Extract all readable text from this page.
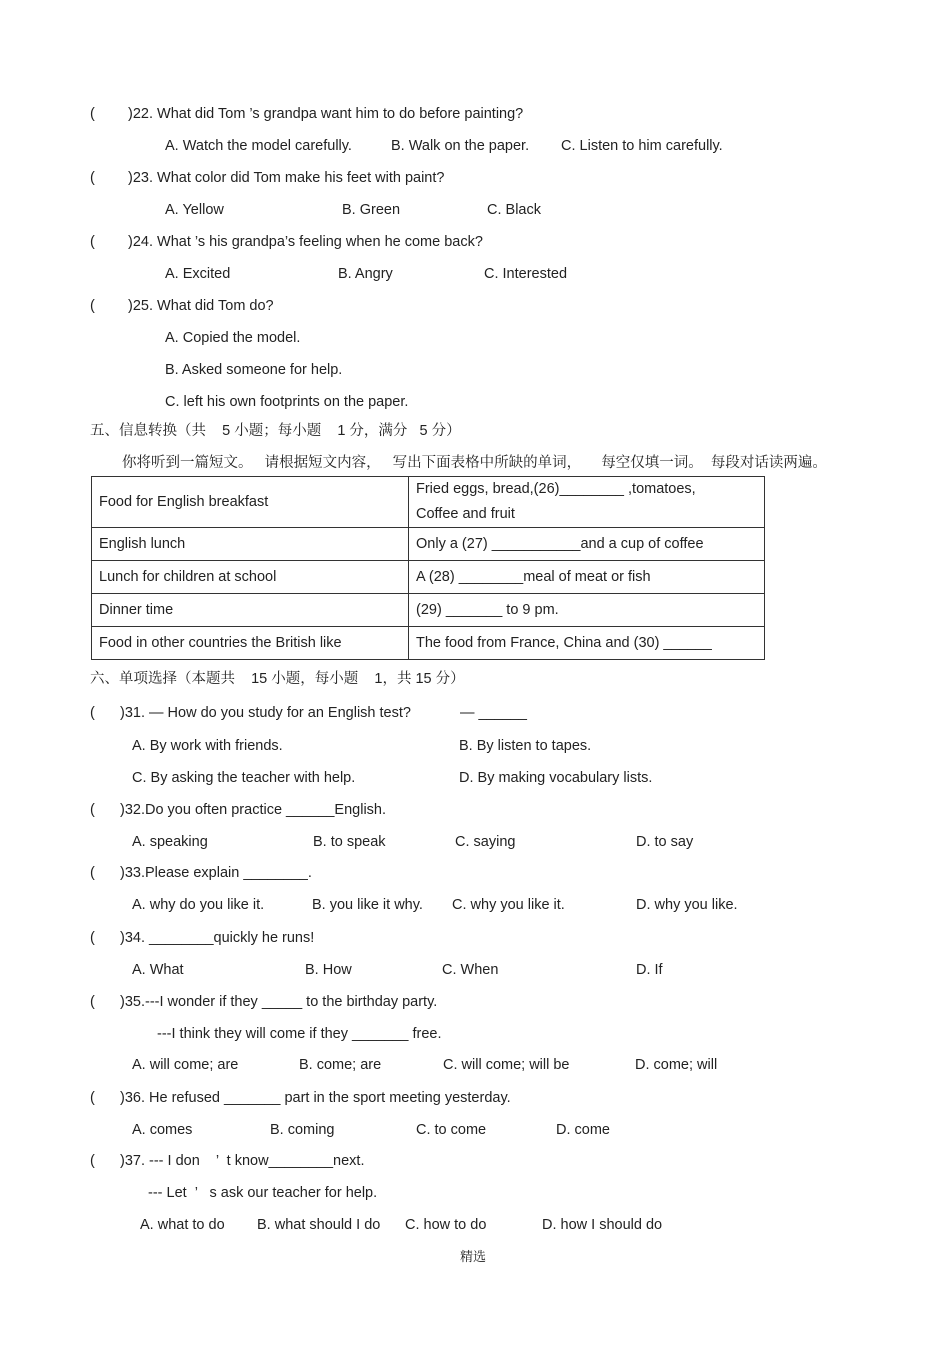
( )22. What did Tom ’s grandpa want him to do before painting?
A. Watch the model carefully.	B. Walk on the paper. C. Listen to him carefully.
( )23. What color did Tom make his feet with paint?
A. Yellow	B. Green	C. Black
( )24. What ’s his grandpa’s feeling when he come back?
A. Excited	B. Angry	C. Interested
( )25. What did Tom do?
A. Copied the model.
B. Asked someone for help.
C. left his own footprints on the paper.
五、信息转换（共    5 小题；每小题    1 分，满分   5 分）
你将听到一篇短文。   请根据短文内容，   写出下面表格中所缺的单词，     每空仅填一词。  每段对话读两遍。
Food for English breakfast	Fried eggs, bread,(26)________ ,tomatoes,
Coffee and fruit

English lunch	Only a (27) ___________and a cup of coffee
Lunch for children at school	A (28) ________meal of meat or fish
Dinner time	(29) _______ to 9 pm.
Food in other countries the British like	The food from France, China and (30) ______
六、单项选择（本题共    15 小题，每小题    1，共 15 分）
( )31. — How do you study for an English test?	— ______
A. By work with friends.	B. By listen to tapes.
C. By asking the teacher with help.	D. By making vocabulary lists.
( )32.Do you often practice ______English.
A. speaking	B. to speak	C. saying	D. to say
( )33.Please explain ________.
A. why do you like it.	B. you like it why. C. why you like it.	D. why you like.
( )34. ________quickly he runs!
A. What	B. How	C. When	D. If
( )35.---I wonder if they _____ to the birthday party.
---I think they will come if they _______ free.
A. will come; are	B. come; are	C. will come; will be	D. come; will
( )36. He refused _______ part in the sport meeting yesterday.
A. comes	B. coming	C. to come	D. come
( )37. --- I don    ’  t know________next.
--- Let  ’   s ask our teacher for help.
A. what to do B. what should I do C. how to do	D. how I should do
精选
